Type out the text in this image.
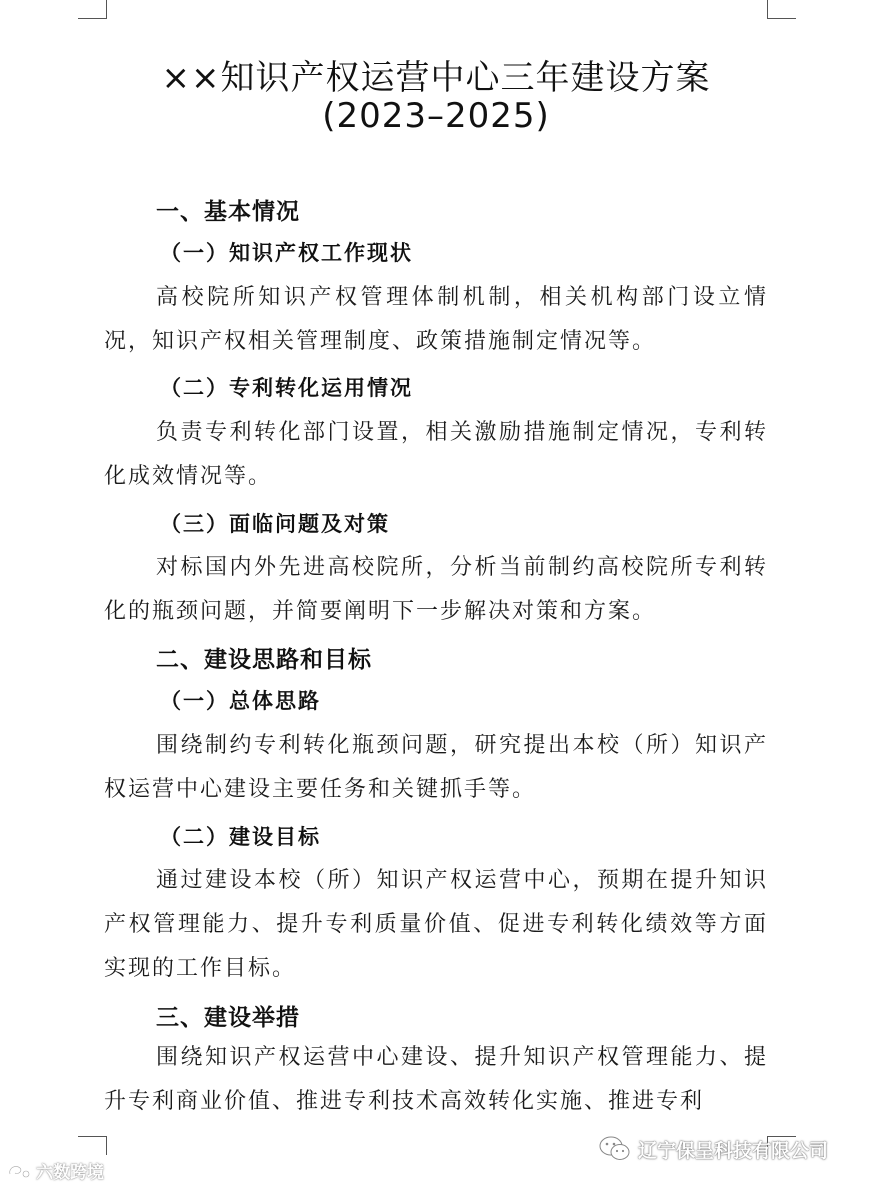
××知识产权运营中心三年建设方案
(2023–2025)
一、基本情况
（一）知识产权工作现状
高校院所知识产权管理体制机制，相关机构部门设立情况，知识产权相关管理制度、政策措施制定情况等。
（二）专利转化运用情况
负责专利转化部门设置，相关激励措施制定情况，专利转化成效情况等。
（三）面临问题及对策
对标国内外先进高校院所，分析当前制约高校院所专利转化的瓶颈问题，并简要阐明下一步解决对策和方案。
二、建设思路和目标
（一）总体思路
围绕制约专利转化瓶颈问题，研究提出本校（所）知识产权运营中心建设主要任务和关键抓手等。
（二）建设目标
通过建设本校（所）知识产权运营中心，预期在提升知识产权管理能力、提升专利质量价值、促进专利转化绩效等方面实现的工作目标。
三、建设举措
围绕知识产权运营中心建设、提升知识产权管理能力、提升专利商业价值、推进专利技术高效转化实施、推进专利
六数跨境
辽宁保呈科技有限公司
